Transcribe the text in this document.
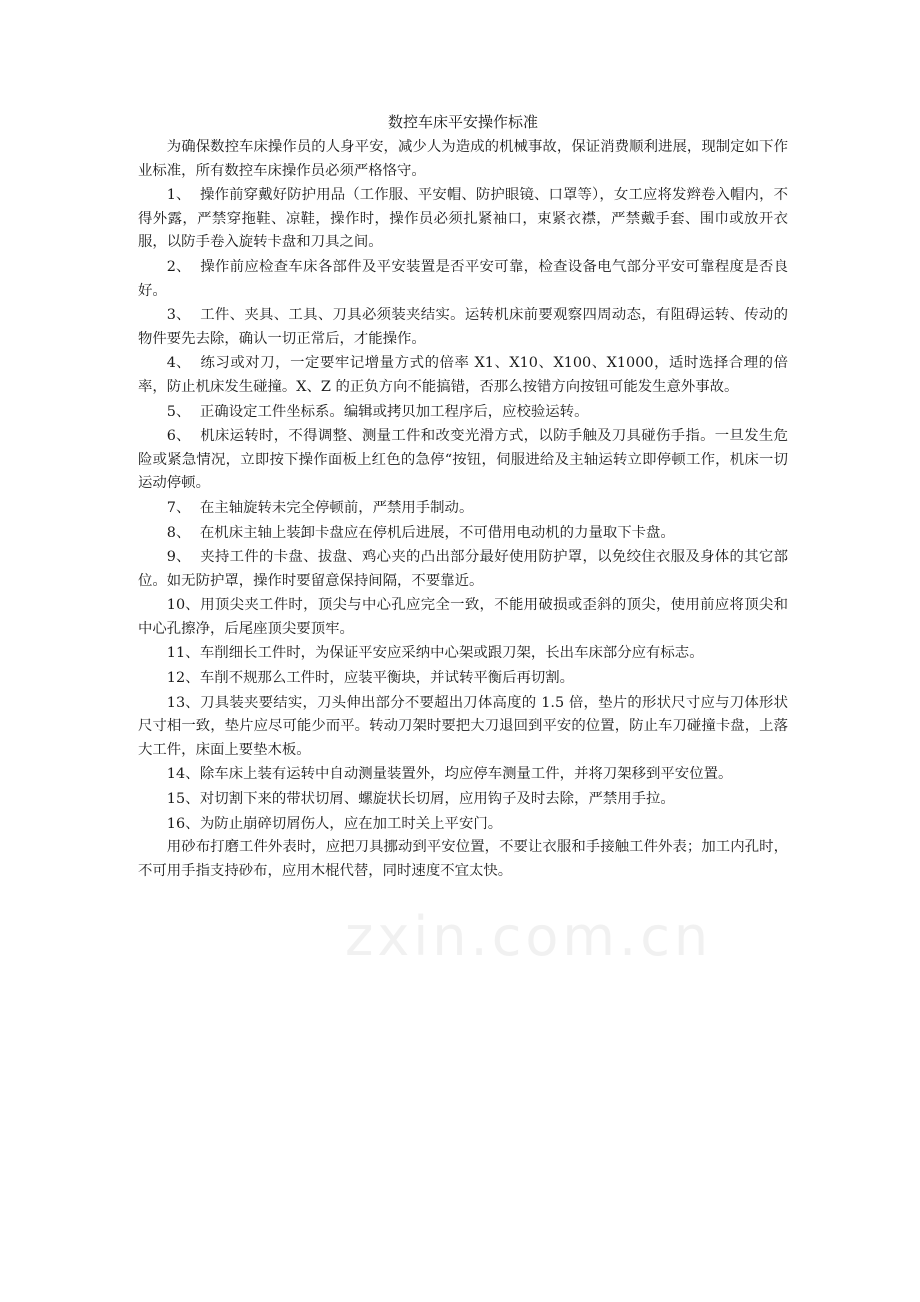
数控车床平安操作标准

为确保数控车床操作员的人身平安，减少人为造成的机械事故，保证消费顺利进展，现制定如下作业标准，所有数控车床操作员必须严格恪守。

1、 操作前穿戴好防护用品（工作服、平安帽、防护眼镜、口罩等），女工应将发辫卷入帽内，不得外露，严禁穿拖鞋、凉鞋，操作时，操作员必须扎紧袖口，束紧衣襟，严禁戴手套、围巾或放开衣服，以防手卷入旋转卡盘和刀具之间。

2、 操作前应检查车床各部件及平安装置是否平安可靠，检查设备电气部分平安可靠程度是否良好。

3、 工件、夹具、工具、刀具必须装夹结实。运转机床前要观察四周动态，有阻碍运转、传动的物件要先去除，确认一切正常后，才能操作。

4、 练习或对刀，一定要牢记增量方式的倍率 X1、X10、X100、X1000，适时选择合理的倍率，防止机床发生碰撞。X、Z 的正负方向不能搞错，否那么按错方向按钮可能发生意外事故。

5、 正确设定工件坐标系。编辑或拷贝加工程序后，应校验运转。

6、 机床运转时，不得调整、测量工件和改变光滑方式，以防手触及刀具碰伤手指。一旦发生危险或紧急情况，立即按下操作面板上红色的急停“按钮，伺服进给及主轴运转立即停顿工作，机床一切运动停顿。

7、 在主轴旋转未完全停顿前，严禁用手制动。

8、 在机床主轴上装卸卡盘应在停机后进展，不可借用电动机的力量取下卡盘。

9、 夹持工件的卡盘、拔盘、鸡心夹的凸出部分最好使用防护罩，以免绞住衣服及身体的其它部位。如无防护罩，操作时要留意保持间隔，不要靠近。

10、用顶尖夹工件时，顶尖与中心孔应完全一致，不能用破损或歪斜的顶尖，使用前应将顶尖和中心孔擦净，后尾座顶尖要顶牢。

11、车削细长工件时，为保证平安应采纳中心架或跟刀架，长出车床部分应有标志。

12、车削不规那么工件时，应装平衡块，并试转平衡后再切割。

13、刀具装夹要结实，刀头伸出部分不要超出刀体高度的 1.5 倍，垫片的形状尺寸应与刀体形状尺寸相一致，垫片应尽可能少而平。转动刀架时要把大刀退回到平安的位置，防止车刀碰撞卡盘，上落大工件，床面上要垫木板。

14、除车床上装有运转中自动测量装置外，均应停车测量工件，并将刀架移到平安位置。

15、对切割下来的带状切屑、螺旋状长切屑，应用钩子及时去除，严禁用手拉。

16、为防止崩碎切屑伤人，应在加工时关上平安门。

用砂布打磨工件外表时，应把刀具挪动到平安位置，不要让衣服和手接触工件外表；加工内孔时，不可用手指支持砂布，应用木棍代替，同时速度不宜太快。

zxin.com.cn
